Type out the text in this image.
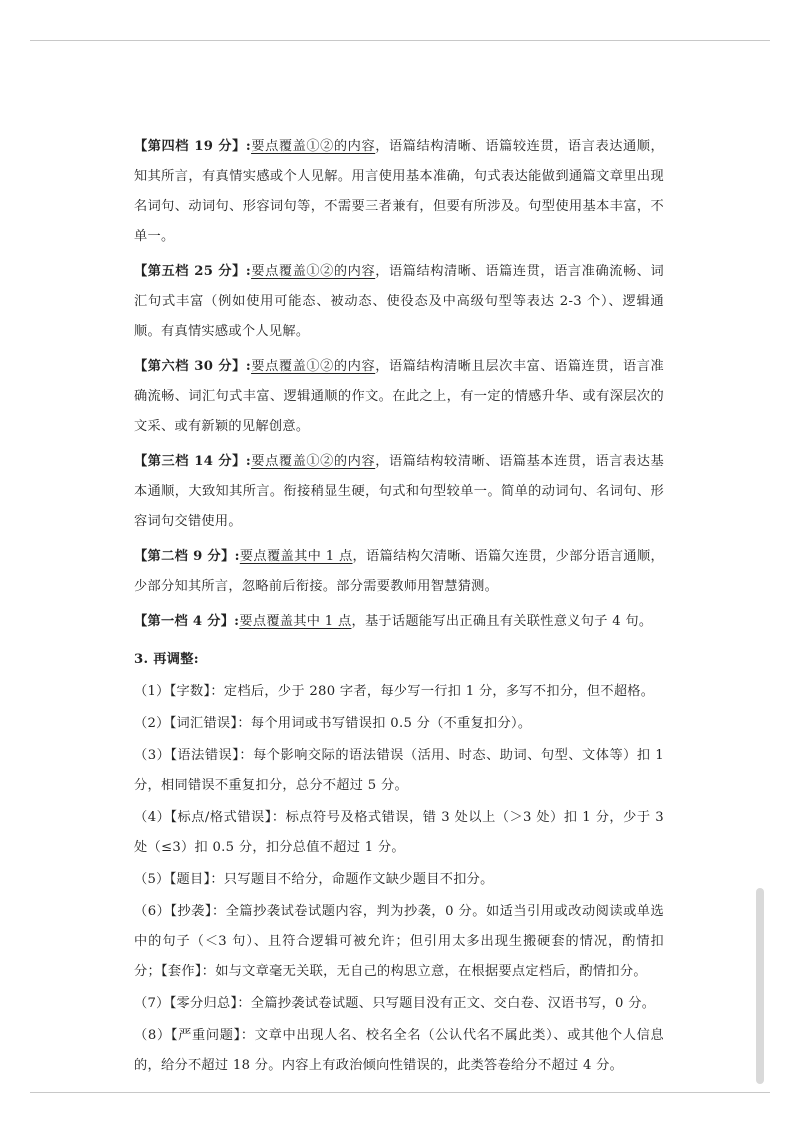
【第四档 19 分】:要点覆盖①②的内容，语篇结构清晰、语篇较连贯，语言表达通顺，知其所言，有真情实感或个人见解。用言使用基本准确，句式表达能做到通篇文章里出现名词句、动词句、形容词句等，不需要三者兼有，但要有所涉及。句型使用基本丰富，不单一。

【第五档 25 分】:要点覆盖①②的内容，语篇结构清晰、语篇连贯，语言准确流畅、词汇句式丰富（例如使用可能态、被动态、使役态及中高级句型等表达 2-3 个）、逻辑通顺。有真情实感或个人见解。

【第六档 30 分】:要点覆盖①②的内容，语篇结构清晰且层次丰富、语篇连贯，语言准确流畅、词汇句式丰富、逻辑通顺的作文。在此之上，有一定的情感升华、或有深层次的文采、或有新颖的见解创意。

【第三档 14 分】:要点覆盖①②的内容，语篇结构较清晰、语篇基本连贯，语言表达基本通顺，大致知其所言。衔接稍显生硬，句式和句型较单一。简单的动词句、名词句、形容词句交错使用。

【第二档 9 分】:要点覆盖其中 1 点，语篇结构欠清晰、语篇欠连贯，少部分语言通顺，少部分知其所言，忽略前后衔接。部分需要教师用智慧猜测。

【第一档 4 分】:要点覆盖其中 1 点，基于话题能写出正确且有关联性意义句子 4 句。

3. 再调整:

（1）【字数】：定档后，少于 280 字者，每少写一行扣 1 分，多写不扣分，但不超格。

（2）【词汇错误】：每个用词或书写错误扣 0.5 分（不重复扣分）。

（3）【语法错误】：每个影响交际的语法错误（活用、时态、助词、句型、文体等）扣 1 分，相同错误不重复扣分，总分不超过 5 分。

（4）【标点/格式错误】：标点符号及格式错误，错 3 处以上（＞3 处）扣 1 分，少于 3 处（≤3）扣 0.5 分，扣分总值不超过 1 分。

（5）【题目】：只写题目不给分，命题作文缺少题目不扣分。

（6）【抄袭】：全篇抄袭试卷试题内容，判为抄袭，0 分。如适当引用或改动阅读或单选中的句子（＜3 句）、且符合逻辑可被允许；但引用太多出现生搬硬套的情况，酌情扣分；【套作】：如与文章毫无关联，无自己的构思立意，在根据要点定档后，酌情扣分。

（7）【零分归总】：全篇抄袭试卷试题、只写题目没有正文、交白卷、汉语书写，0 分。

（8）【严重问题】：文章中出现人名、校名全名（公认代名不属此类）、或其他个人信息的，给分不超过 18 分。内容上有政治倾向性错误的，此类答卷给分不超过 4 分。
